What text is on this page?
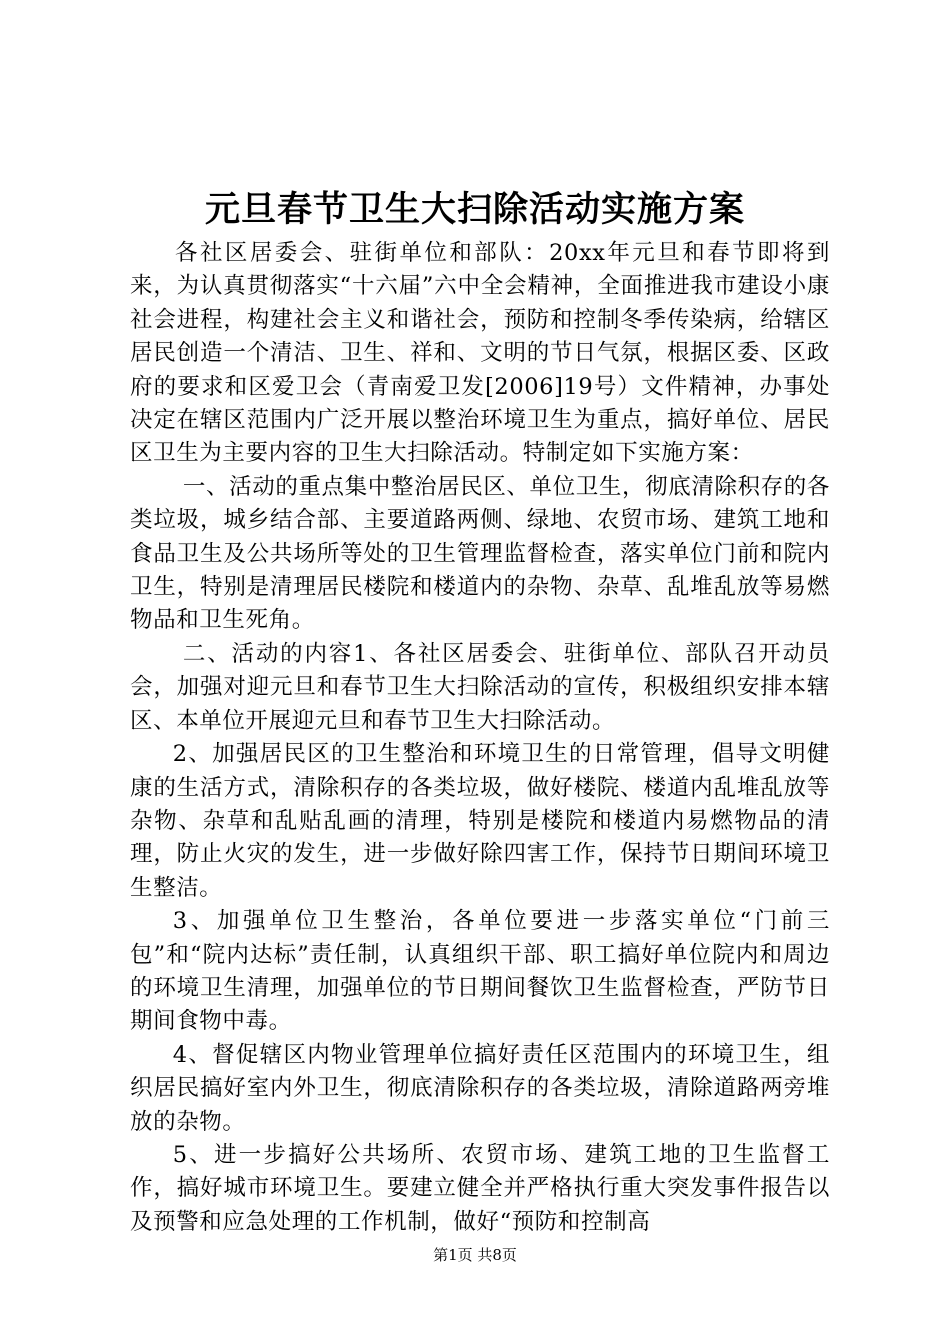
元旦春节卫生大扫除活动实施方案

各社区居委会、驻街单位和部队：20xx年元旦和春节即将到来，为认真贯彻落实“十六届”六中全会精神，全面推进我市建设小康社会进程，构建社会主义和谐社会，预防和控制冬季传染病，给辖区居民创造一个清洁、卫生、祥和、文明的节日气氛，根据区委、区政府的要求和区爱卫会（青南爱卫发[2006]19号）文件精神，办事处决定在辖区范围内广泛开展以整治环境卫生为重点，搞好单位、居民区卫生为主要内容的卫生大扫除活动。特制定如下实施方案：

一、活动的重点集中整治居民区、单位卫生，彻底清除积存的各类垃圾，城乡结合部、主要道路两侧、绿地、农贸市场、建筑工地和食品卫生及公共场所等处的卫生管理监督检查，落实单位门前和院内卫生，特别是清理居民楼院和楼道内的杂物、杂草、乱堆乱放等易燃物品和卫生死角。

二、活动的内容1、各社区居委会、驻街单位、部队召开动员会，加强对迎元旦和春节卫生大扫除活动的宣传，积极组织安排本辖区、本单位开展迎元旦和春节卫生大扫除活动。

2、加强居民区的卫生整治和环境卫生的日常管理，倡导文明健康的生活方式，清除积存的各类垃圾，做好楼院、楼道内乱堆乱放等杂物、杂草和乱贴乱画的清理，特别是楼院和楼道内易燃物品的清理，防止火灾的发生，进一步做好除四害工作，保持节日期间环境卫生整洁。

3、加强单位卫生整治，各单位要进一步落实单位“门前三包”和“院内达标”责任制，认真组织干部、职工搞好单位院内和周边的环境卫生清理，加强单位的节日期间餐饮卫生监督检查，严防节日期间食物中毒。

4、督促辖区内物业管理单位搞好责任区范围内的环境卫生，组织居民搞好室内外卫生，彻底清除积存的各类垃圾，清除道路两旁堆放的杂物。

5、进一步搞好公共场所、农贸市场、建筑工地的卫生监督工作，搞好城市环境卫生。要建立健全并严格执行重大突发事件报告以及预警和应急处理的工作机制，做好“预防和控制高

第1页 共8页
